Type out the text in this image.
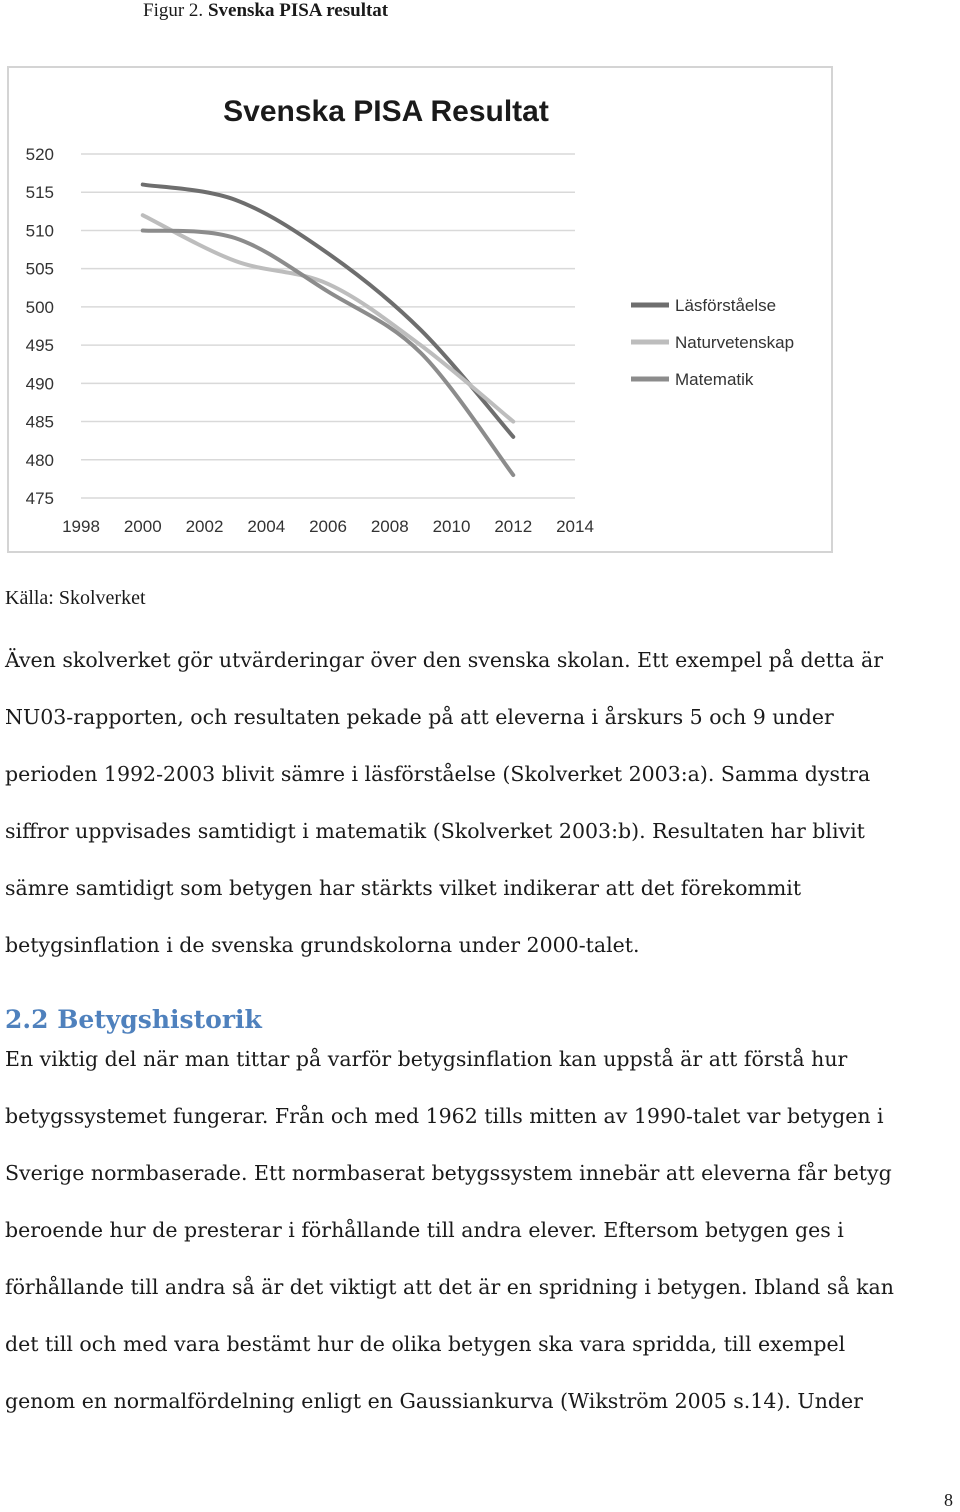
Figur 2. Svenska PISA resultat
Svenska PISA Resultat
475
480
485
490
495
500
505
510
515
520
1998 2000 2002 2004 2006 2008 2010 2012 2014
Läsförståelse
Naturvetenskap
Matematik
Källa: Skolverket
Även skolverket gör utvärderingar över den svenska skolan. Ett exempel på detta är
NU03-rapporten, och resultaten pekade på att eleverna i årskurs 5 och 9 under
perioden 1992-2003 blivit sämre i läsförståelse (Skolverket 2003:a). Samma dystra
siffror uppvisades samtidigt i matematik (Skolverket 2003:b). Resultaten har blivit
sämre samtidigt som betygen har stärkts vilket indikerar att det förekommit
betygsinflation i de svenska grundskolorna under 2000-talet.
2.2 Betygshistorik
En viktig del när man tittar på varför betygsinflation kan uppstå är att förstå hur
betygssystemet fungerar. Från och med 1962 tills mitten av 1990-talet var betygen i
Sverige normbaserade. Ett normbaserat betygssystem innebär att eleverna får betyg
beroende hur de presterar i förhållande till andra elever. Eftersom betygen ges i
förhållande till andra så är det viktigt att det är en spridning i betygen. Ibland så kan
det till och med vara bestämt hur de olika betygen ska vara spridda, till exempel
genom en normalfördelning enligt en Gaussiankurva (Wikström 2005 s.14). Under
8
